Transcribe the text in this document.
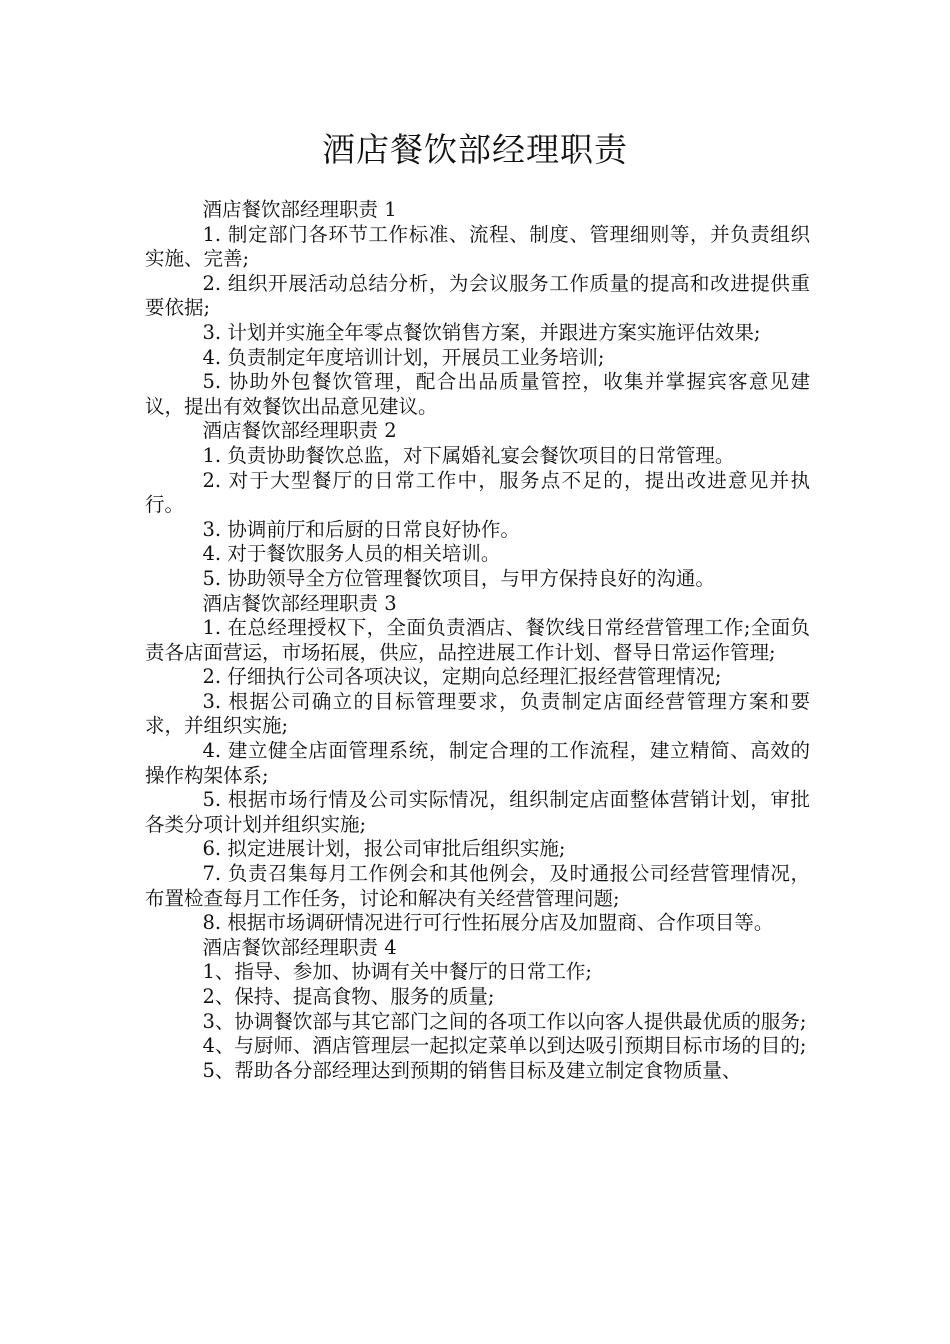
酒店餐饮部经理职责

酒店餐饮部经理职责 1

1. 制定部门各环节工作标准、流程、制度、管理细则等，并负责组织实施、完善;

2. 组织开展活动总结分析，为会议服务工作质量的提高和改进提供重要依据;

3. 计划并实施全年零点餐饮销售方案，并跟进方案实施评估效果;

4. 负责制定年度培训计划，开展员工业务培训;

5. 协助外包餐饮管理，配合出品质量管控，收集并掌握宾客意见建议，提出有效餐饮出品意见建议。

酒店餐饮部经理职责 2

1. 负责协助餐饮总监，对下属婚礼宴会餐饮项目的日常管理。

2. 对于大型餐厅的日常工作中，服务点不足的，提出改进意见并执行。

3. 协调前厅和后厨的日常良好协作。

4. 对于餐饮服务人员的相关培训。

5. 协助领导全方位管理餐饮项目，与甲方保持良好的沟通。

酒店餐饮部经理职责 3

1. 在总经理授权下，全面负责酒店、餐饮线日常经营管理工作;全面负责各店面营运，市场拓展，供应，品控进展工作计划、督导日常运作管理;

2. 仔细执行公司各项决议，定期向总经理汇报经营管理情况;

3. 根据公司确立的目标管理要求，负责制定店面经营管理方案和要求，并组织实施;

4. 建立健全店面管理系统，制定合理的工作流程，建立精简、高效的操作构架体系;

5. 根据市场行情及公司实际情况，组织制定店面整体营销计划，审批各类分项计划并组织实施;

6. 拟定进展计划，报公司审批后组织实施;

7. 负责召集每月工作例会和其他例会，及时通报公司经营管理情况，布置检查每月工作任务，讨论和解决有关经营管理问题;

8. 根据市场调研情况进行可行性拓展分店及加盟商、合作项目等。

酒店餐饮部经理职责 4

1、指导、参加、协调有关中餐厅的日常工作;

2、保持、提高食物、服务的质量;

3、协调餐饮部与其它部门之间的各项工作以向客人提供最优质的服务;

4、与厨师、酒店管理层一起拟定菜单以到达吸引预期目标市场的目的;

5、帮助各分部经理达到预期的销售目标及建立制定食物质量、
